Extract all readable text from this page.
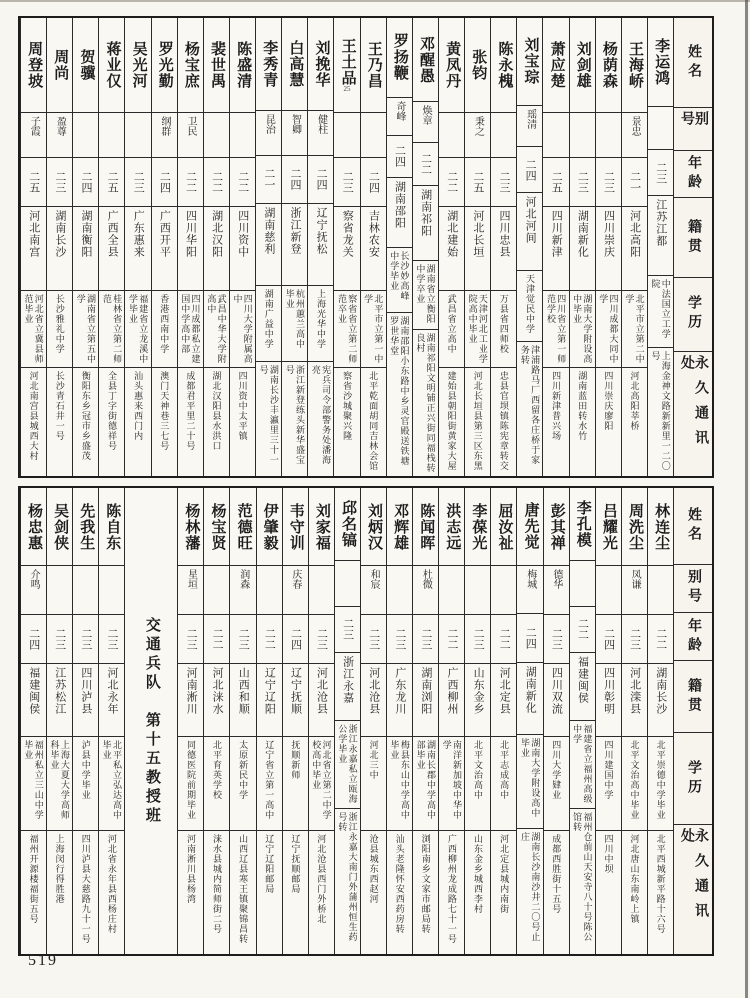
姓名
别号
年龄
籍贯
学历
永久通讯处
李运鸿
二三
江苏江都
中法国立工学院
上海金神文路新新里一二〇号
王海峤
景忠
二一
河北高阳
北平市立第二中学
河北高阳莘桥
杨荫森
二三
四川崇庆
四川成都大同中学
四川崇庆廖阳
刘剑雄
二三
湖南新化
湖南大学附设高中毕业
湖南蓝田转水竹
萧应楚
二五
四川新津
四川省立第一师范学校
四川新津普兴场
刘宝琮
瑶清
二四
河北河间
天津觉民中学
津浦路马厂西留各庄桥于家务转
陈永槐
二三
四川忠县
万县省四师校
忠县官坝镇陈宪章转交
张钧
秉之
二五
河北长垣
天津河北工业学院高中毕业
河北长垣县第三区东黑
黄凤丹
二二
湖北建始
武昌省立高中
建始县朝阳街黄家大屋
邓醒愚
焕章
二二
湖南祁阳
湖南省立衡阳中学卒业
湖南祁阳文明铺正兴街同福栈转良村
罗扬鞭
奇峰
二四
湖南邵阳
长沙妙高峰中学毕业
湖南邵阳小东路中乡灵官殿送铁塘罗世华堂
王乃昌
二四
吉林农安
北平市立第一中学
北平乾面胡同吉林会馆
王土品
25
二三
察省龙关
察省省立第二师范卒业
察省沙城聚兴隆
刘挽华
健柱
二四
辽宁抚松
上海光华中学
宪兵司令部警务处潘海亮
白高慧
智卿
二四
浙江新登
杭州蕙兰高中毕业
浙江新登练头新华盛宝号
李秀青
昆治
二一
湖南慈利
湖南广益中学
湖南长沙丰瀛里三十一号
陈盛清
二二
四川资中
四川大学附属高中
四川资中太平镇
裴世禺
二二
湖北汉阳
武昌中华大学附高中
湖北汉阳县水洪口
杨宝庶
卫民
二二
四川华阳
四川成都私立建国中学高中部
成都君平里二十号
罗光勤
纲群
二四
广西开平
香港西南中学
澳门天神巷三七号
吴光河
二三
广东惠来
福建省立龙溪中学毕业
汕头惠来西门内
蒋业仅
二五
广西全县
桂林省立第二师范
全县丁字街德祥号
贺骥
二四
湖南衡阳
湖南省立第五中学
衡阳东乡冠市乡盛茂
周尚
盈尊
二三
湖南长沙
长沙雅礼中学
长沙青石井一号
周登坡
子霞
二五
河北南宫
河北省立冀县师范毕业
河北南宫县城西大村
姓名
别号
年龄
籍贯
学历
永久通讯处
林连尘
二二
湖南长沙
北平崇德中学毕业
北平西城新平路十六号
周洗尘
凤谦
二三
河北滦县
北平文治高中毕业
河北唐山东南岭上镇
吕耀光
二四
四川彰明
四川建国中学
四川中坝
李孔模
二二
福建闽侯
福建省立福州高级中学
福州仓前山天安寺八十号陈公馆转
彭其禅
德华
二三
四川双流
四川大学肄业
成都西胜街十五号
唐先觉
梅城
二四
湖南新化
湖南大学附设高中毕业
湖南长沙南沙井二〇号止庄
屈汝祉
二二
河北定县
北平志成高中
河北定县城内南街
李葆光
二三
山东金乡
北平文治高中
山东金乡城西李村
洪志远
二二
广西柳州
南洋新加坡中华中学
广西柳州龙成路七十一号
陈闻晖
杜微
二三
湖南浏阳
湖南长郡中学高中部毕业
浏阳南乡文家市邮局转
邓辉雄
二三
广东龙川
梅县东山中学高中毕业
汕头老隆怀安西药房转
刘炳汉
和宸
二三
河北沧县
河北三中
沧县城东西赵河
邱名镐
二三
浙江永嘉
浙江永嘉私立瓯海公学毕业
浙江永嘉大南门外蒲州恒生药号转
刘家福
二三
河北沧县
河北省立第二中学校高中毕业
河北沧县西门外桥北
韦守训
庆春
二四
辽宁抚顺
抚顺新师
辽宁抚顺邮局
伊肇毅
二二
辽宁辽阳
辽宁省立第一高中
辽宁辽阳邮局
范德旺
润森
二三
山西和顺
太原新民中学
山西辽县寒王镇聚锦昌转
杨宝贤
二二
河北涞水
北平育英学校
涞水县城内简师街二号
杨林藩
星垣
二三
河南淅川
同德医院前期毕业
河南淅川县杨湾
交通兵队　第十五教授班
陈自东
二三
河北永年
北平私立弘达高中毕业
河北省永年县西杨庄村
先我生
二三
四川泸县
泸县中学毕业
四川泸县大慈路九十一号
吴剑侠
二三
江苏松江
上海大夏大学高师科毕业
上海闵行得胜港
杨忠惠
介鸣
二四
福建闽侯
福州私立三山中学毕业
福州开源楼福街五号
519
